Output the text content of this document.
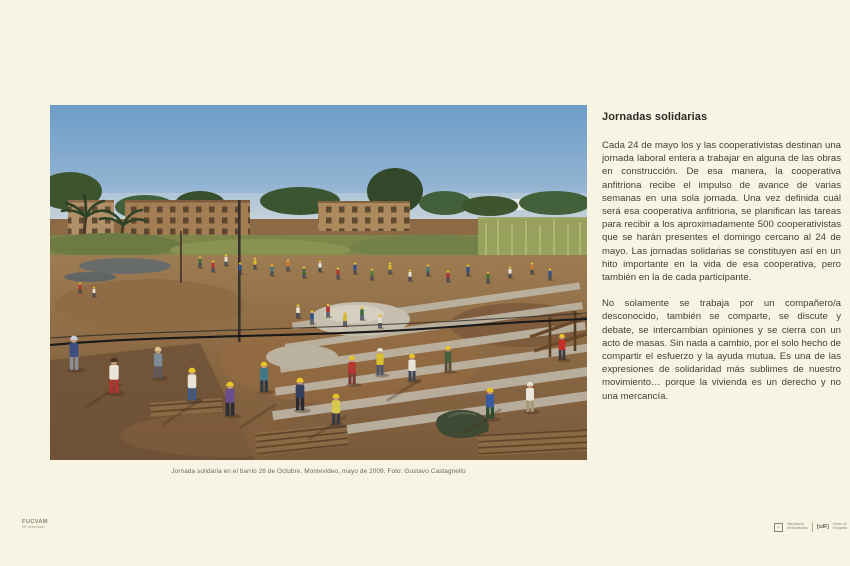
Jornada solidaria en el barrio 26 de Octubre. Montevideo, mayo de 2009. Foto: Gustavo Castagnello
Jornadas solidarias

Cada 24 de mayo los y las cooperativistas destinan una jornada laboral entera a trabajar en alguna de las obras en construcción. De esa manera, la cooperativa anfitriona recibe el impulso de avance de varias semanas en una sola jornada. Una vez definida cuál será esa cooperativa anfitriona, se planifican las tareas para recibir a los aproximadamente 500 cooperativistas que se harán presentes el domingo cercano al 24 de mayo. Las jornadas solidarias se constituyen así en un hito importante en la vida de esa cooperativa, pero también en la de cada participante.

No solamente se trabaja por un compañero/a desconocido, también se comparte, se discute y debate, se intercambian opiniones y se cierra con un acto de masas. Sin nada a cambio, por el solo hecho de compartir el esfuerzo y la ayuda mutua. Es una de las expresiones de solidaridad más sublimes de nuestro movimiento… porque la vivienda es un derecho y no una mercancía.

FUCVAM
50º aniversario	⌂	Intendencia
de Montevideo [cdF] Centro de
Fotografía
